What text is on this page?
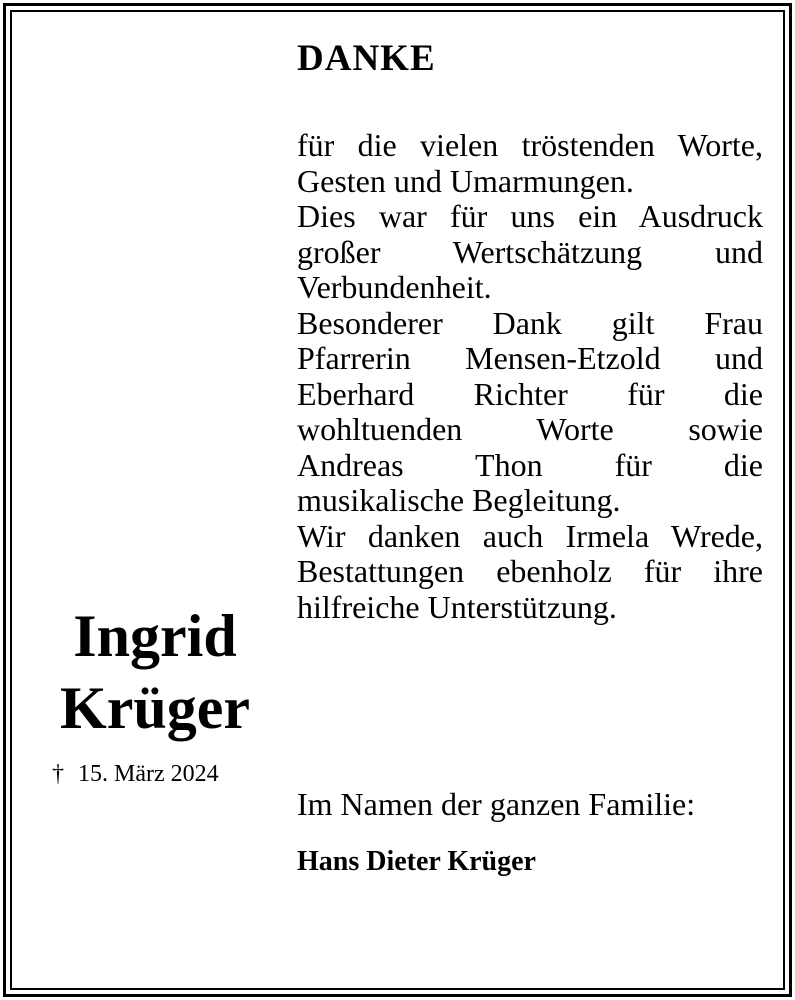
DANKE
für die vielen tröstenden Worte,
Gesten und Umarmungen.
Dies war für uns ein Ausdruck
großer Wertschätzung und
Verbundenheit.
Besonderer Dank gilt Frau
Pfarrerin Mensen-Etzold und
Eberhard Richter für die
wohltuenden Worte sowie
Andreas Thon für die
musikalische Begleitung.
Wir danken auch Irmela Wrede,
Bestattungen ebenholz für ihre
hilfreiche Unterstützung.
Ingrid
Krüger
† 15. März 2024
Im Namen der ganzen Familie:
Hans Dieter Krüger
